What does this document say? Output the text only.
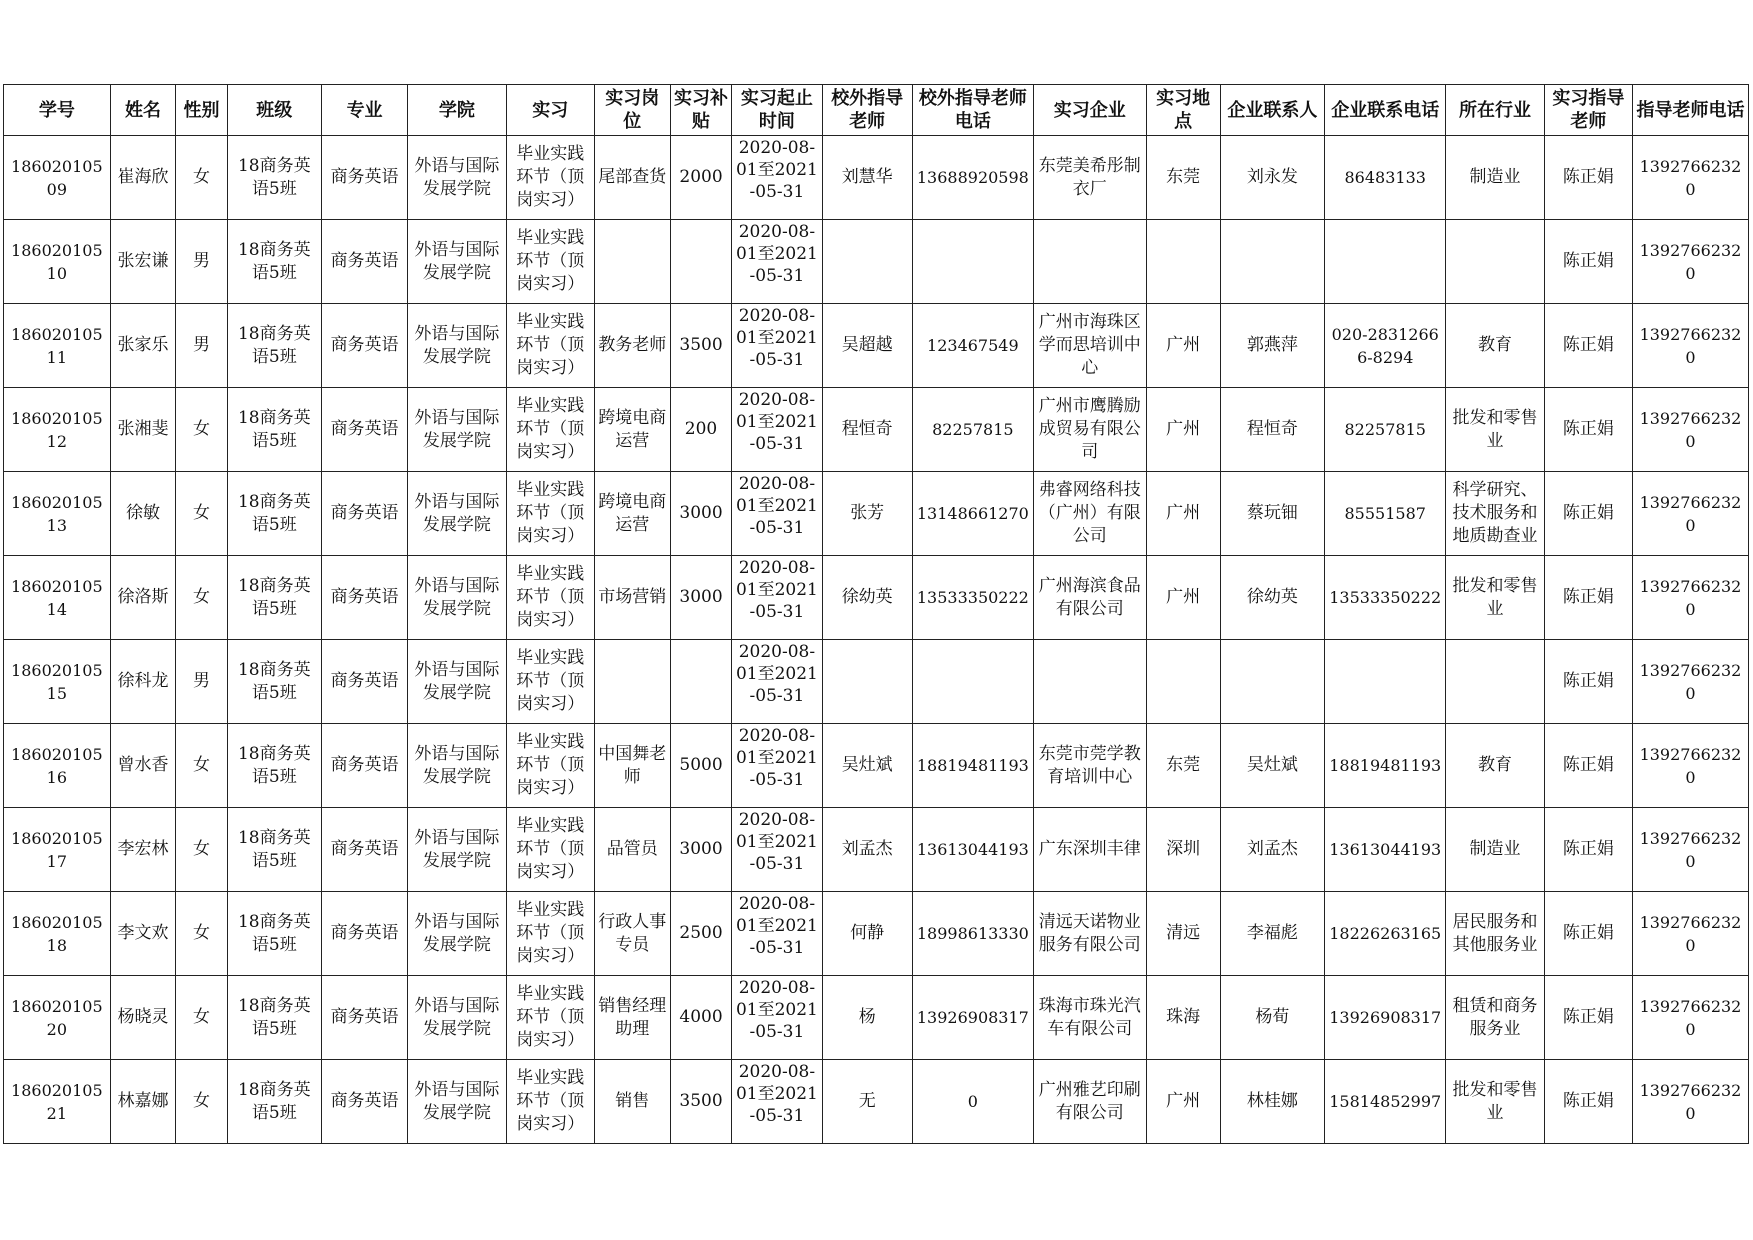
学号	姓名	性别	班级	专业	学院	实习	实习岗位	实习补贴	实习起止时间	校外指导老师	校外指导老师电话	实习企业	实习地点	企业联系人	企业联系电话	所在行业	实习指导老师	指导老师电话
18602010509	崔海欣	女	18商务英语5班	商务英语	外语与国际发展学院	毕业实践环节（顶岗实习）	尾部查货	2000	2020-08-01至2021-05-31	刘慧华	13688920598	东莞美希彤制衣厂	东莞	刘永发	86483133	制造业	陈正娟	13927662320
18602010510	张宏谦	男	18商务英语5班	商务英语	外语与国际发展学院	毕业实践环节（顶岗实习）			2020-08-01至2021-05-31								陈正娟	13927662320
18602010511	张家乐	男	18商务英语5班	商务英语	外语与国际发展学院	毕业实践环节（顶岗实习）	教务老师	3500	2020-08-01至2021-05-31	吴超越	123467549	广州市海珠区学而思培训中心	广州	郭燕萍	020-28312666-8294	教育	陈正娟	13927662320
18602010512	张湘斐	女	18商务英语5班	商务英语	外语与国际发展学院	毕业实践环节（顶岗实习）	跨境电商运营	200	2020-08-01至2021-05-31	程恒奇	82257815	广州市鹰腾励成贸易有限公司	广州	程恒奇	82257815	批发和零售业	陈正娟	13927662320
18602010513	徐敏	女	18商务英语5班	商务英语	外语与国际发展学院	毕业实践环节（顶岗实习）	跨境电商运营	3000	2020-08-01至2021-05-31	张芳	13148661270	弗睿网络科技（广州）有限公司	广州	蔡玩钿	85551587	科学研究、技术服务和地质勘查业	陈正娟	13927662320
18602010514	徐洛斯	女	18商务英语5班	商务英语	外语与国际发展学院	毕业实践环节（顶岗实习）	市场营销	3000	2020-08-01至2021-05-31	徐幼英	13533350222	广州海滨食品有限公司	广州	徐幼英	13533350222	批发和零售业	陈正娟	13927662320
18602010515	徐科龙	男	18商务英语5班	商务英语	外语与国际发展学院	毕业实践环节（顶岗实习）			2020-08-01至2021-05-31								陈正娟	13927662320
18602010516	曾水香	女	18商务英语5班	商务英语	外语与国际发展学院	毕业实践环节（顶岗实习）	中国舞老师	5000	2020-08-01至2021-05-31	吴灶斌	18819481193	东莞市莞学教育培训中心	东莞	吴灶斌	18819481193	教育	陈正娟	13927662320
18602010517	李宏林	女	18商务英语5班	商务英语	外语与国际发展学院	毕业实践环节（顶岗实习）	品管员	3000	2020-08-01至2021-05-31	刘孟杰	13613044193	广东深圳丰律	深圳	刘孟杰	13613044193	制造业	陈正娟	13927662320
18602010518	李文欢	女	18商务英语5班	商务英语	外语与国际发展学院	毕业实践环节（顶岗实习）	行政人事专员	2500	2020-08-01至2021-05-31	何静	18998613330	清远天诺物业服务有限公司	清远	李福彪	18226263165	居民服务和其他服务业	陈正娟	13927662320
18602010520	杨晓灵	女	18商务英语5班	商务英语	外语与国际发展学院	毕业实践环节（顶岗实习）	销售经理助理	4000	2020-08-01至2021-05-31	杨	13926908317	珠海市珠光汽车有限公司	珠海	杨荀	13926908317	租赁和商务服务业	陈正娟	13927662320
18602010521	林嘉娜	女	18商务英语5班	商务英语	外语与国际发展学院	毕业实践环节（顶岗实习）	销售	3500	2020-08-01至2021-05-31	无	0	广州雅艺印刷有限公司	广州	林桂娜	15814852997	批发和零售业	陈正娟	13927662320
